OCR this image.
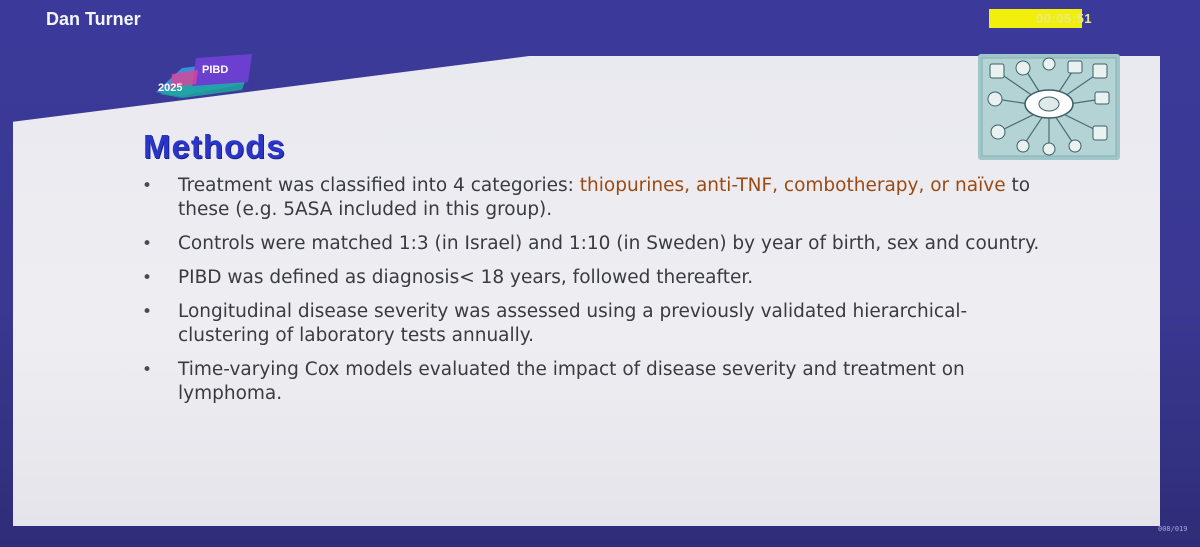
Dan Turner	00:05:51
PIBD
2025
Methods
• Treatment was classified into 4 categories: thiopurines, anti-TNF, combotherapy, or naïve to these (e.g. 5ASA included in this group).
• Controls were matched 1:3 (in Israel) and 1:10 (in Sweden) by year of birth, sex and country.
• PIBD was defined as diagnosis< 18 years, followed thereafter.
• Longitudinal disease severity was assessed using a previously validated hierarchical-clustering of laboratory tests annually.
• Time-varying Cox models evaluated the impact of disease severity and treatment on lymphoma.
008/019
